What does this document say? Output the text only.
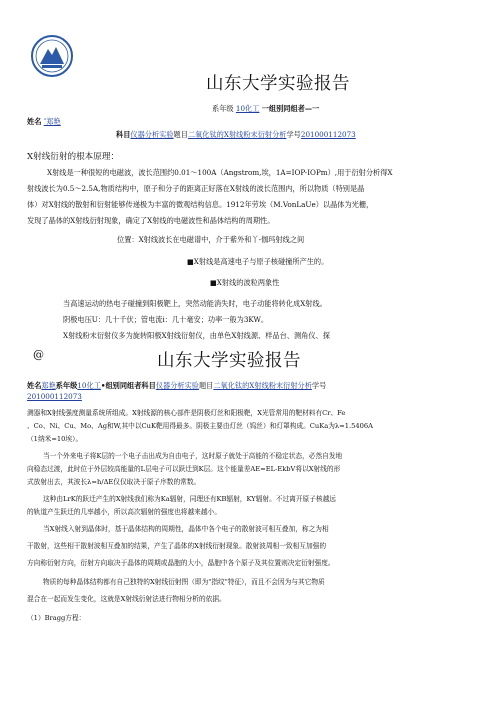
山东大学实验报告
系年级 10化工 一组别同组者—一
姓名 ″郑艳
科目仪器分析实验题目二氧化钛的X射线粉末衍射分析学号201000112073
X射线衍射的根本原理：
X射线是一种很短的电磁波，波长范围约0.01～100A（Angstrom,埃，1A=IOP-IOPm）,用于衍射分析得X
射线波长为0.5～2.5A,物质结构中，原子和分子的距离正好落在X射线的波长范围内，所以物质（特别是晶
体）对X射线的散射和衍射能够传递极为丰富的微观结构信息。1912年劳埃（M.VonLaUe）以晶体为光栅，
发现了晶体的X射线衍射现象，确定了X射线的电磁波性和晶体结构的周期性。
位置：X射线波长在电磁谱中，介于紫外和丫-伽玛射线之间
■X射线是高速电子与原子核碰撞所产生的。
■X射线的波粒两象性
当高速运动的热电子碰撞到阳极靶上，突然动能消失时，电子动能将转化成X射线。
阴极电压U：几十千伏；管电流i：几十毫安；功率一般为3KW。
X射线粉末衍射仪多为旋转阳极X射线衍射仪，由单色X射线源、样品台、测角仪、探
@	山东大学实验报告
姓名郑艳系年级10化工•组别同组者科目仪器分析实验题目二氧化钛的X射线粉末衍射分析学号
201000112073
测器和X射线强度测量系统所组成。X射线源的核心部件是阴极灯丝和阳极靶，X光管常用的靶材料有Cr、Fe
、Co、Ni、Cu、Mo、Ag和W,其中以CuK靶用得最多。阴极主要由灯丝（钨丝）和灯罩构成。CuKa为λ=1.5406A
（1纳米=10埃）。
当一个外来电子将K层的一个电子击出成为自由电子，这时原子就处于高能的不稳定状态，必然自发地
向稳态过渡，此时位于外层较高能量的L层电子可以跃迁到K层。这个能量差AE=EL-EkbV将以X射线的形
式放射出去，其波长λ=h/ΔE仅仅取决于原子序数的常数。
这种由LrK的跃迁产生的X射线我们称为Ka辐射，同理还有KB辐射，KY辐射。不过离开原子核越远
的轨道产生跃迁的几率越小，所以高次辐射的强度也将越来越小。
当X射线入射到晶体时，基于晶体结构的周期性，晶体中各个电子的散射波可相互叠加，称之为相
干散射，这些相干散射波相互叠加的结果，产生了晶体的X射线衍射现象。散射波周相一致相互加强的
方向称衍射方向，衍射方向取决于晶体的周期或晶胞的大小，晶胞中各个原子及其位置则决定衍射强度。
物质的每种晶体结构都有自己独特的X射线衍射图（即为"指纹"特征），而且不会因为与其它物质
混合在一起而发生变化，这就是X射线衍射法进行物相分析的依据。
（1）Bragg方程：
